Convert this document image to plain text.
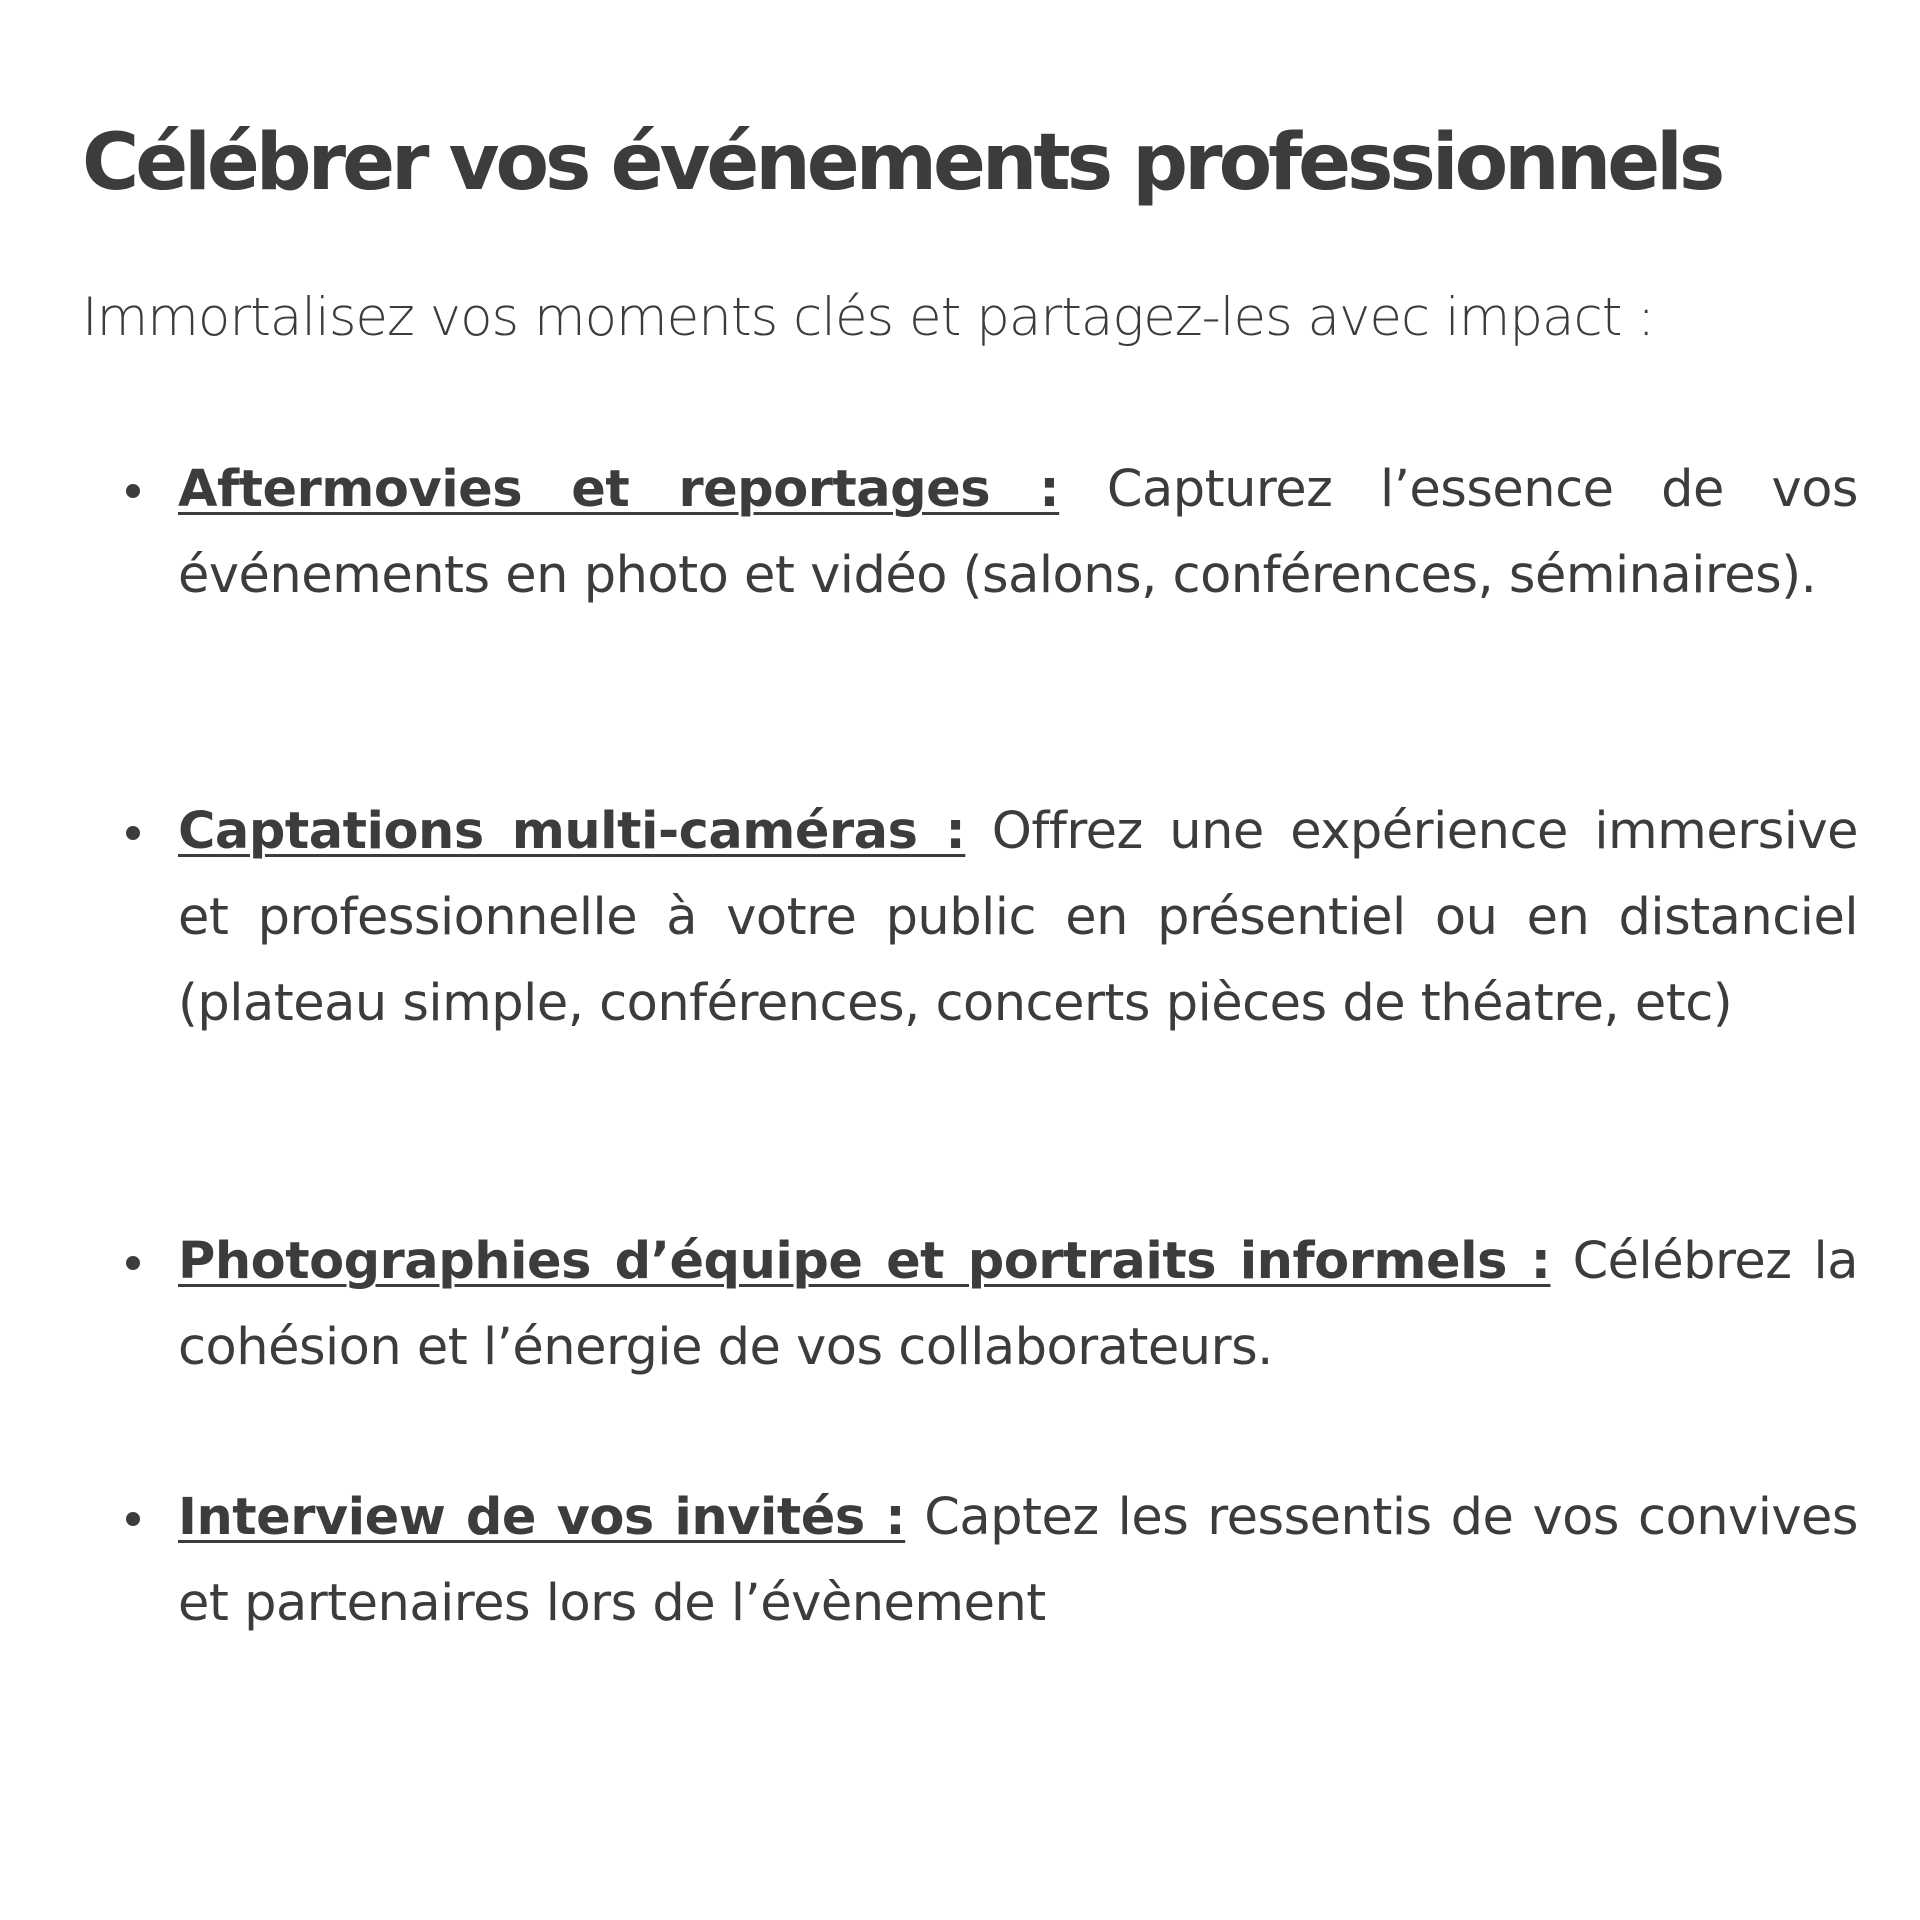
Célébrer vos événements professionnels

Immortalisez vos moments clés et partagez-les avec impact :

Aftermovies et reportages : Capturez l’essence de vos événements en photo et vidéo (salons, conférences, séminaires).
Captations multi-caméras : Offrez une expérience immersive et professionnelle à votre public en présentiel ou en distanciel (plateau simple, conférences, concerts pièces de théatre, etc)
Photographies d’équipe et portraits informels : Célébrez la cohésion et l’énergie de vos collaborateurs.
Interview de vos invités : Captez les ressentis de vos convives et partenaires lors de l’évènement
